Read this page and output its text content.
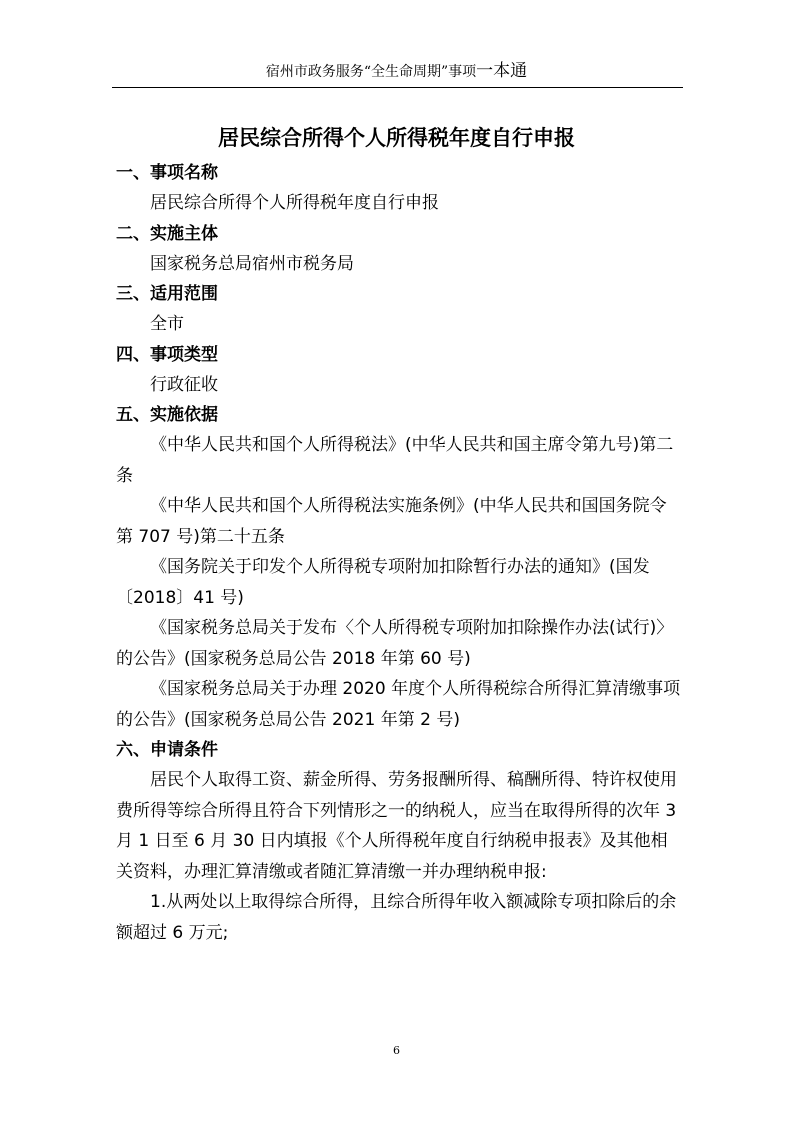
宿州市政务服务“全生命周期”事项一本通
居民综合所得个人所得税年度自行申报
一、事项名称
居民综合所得个人所得税年度自行申报
二、实施主体
国家税务总局宿州市税务局
三、适用范围
全市
四、事项类型
行政征收
五、实施依据
《中华人民共和国个人所得税法》(中华人民共和国主席令第九号)第二条
《中华人民共和国个人所得税法实施条例》(中华人民共和国国务院令第 707 号)第二十五条
《国务院关于印发个人所得税专项附加扣除暂行办法的通知》(国发〔2018〕41 号)
《国家税务总局关于发布〈个人所得税专项附加扣除操作办法(试行)〉的公告》(国家税务总局公告 2018 年第 60 号)
《国家税务总局关于办理 2020 年度个人所得税综合所得汇算清缴事项的公告》(国家税务总局公告 2021 年第 2 号)
六、申请条件
居民个人取得工资、薪金所得、劳务报酬所得、稿酬所得、特许权使用费所得等综合所得且符合下列情形之一的纳税人，应当在取得所得的次年 3 月 1 日至 6 月 30 日内填报《个人所得税年度自行纳税申报表》及其他相关资料，办理汇算清缴或者随汇算清缴一并办理纳税申报:
1.从两处以上取得综合所得，且综合所得年收入额减除专项扣除后的余额超过 6 万元;
6
